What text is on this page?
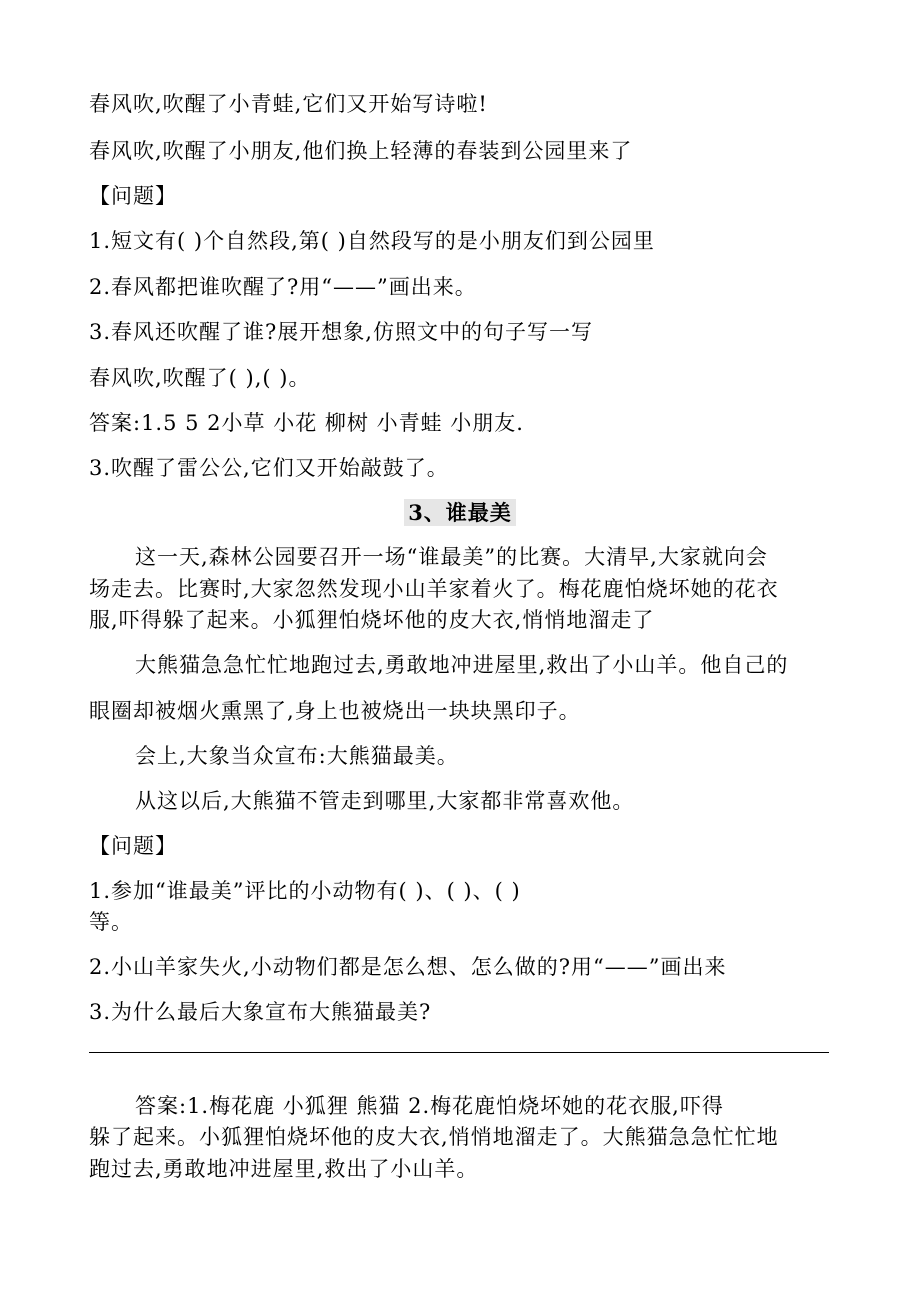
春风吹,吹醒了小青蛙,它们又开始写诗啦!
春风吹,吹醒了小朋友,他们换上轻薄的春装到公园里来了
【问题】
1.短文有( )个自然段,第( )自然段写的是小朋友们到公园里
2.春风都把谁吹醒了?用“——”画出来。
3.春风还吹醒了谁?展开想象,仿照文中的句子写一写
春风吹,吹醒了( ),( )。
答案:1.5 5 2小草 小花 柳树 小青蛙 小朋友.
3.吹醒了雷公公,它们又开始敲鼓了。
3、谁最美
这一天,森林公园要召开一场“谁最美”的比赛。大清早,大家就向会
场走去。比赛时,大家忽然发现小山羊家着火了。梅花鹿怕烧坏她的花衣
服,吓得躲了起来。小狐狸怕烧坏他的皮大衣,悄悄地溜走了
大熊猫急急忙忙地跑过去,勇敢地冲进屋里,救出了小山羊。他自己的
眼圈却被烟火熏黑了,身上也被烧出一块块黑印子。
会上,大象当众宣布:大熊猫最美。
从这以后,大熊猫不管走到哪里,大家都非常喜欢他。
【问题】
1.参加“谁最美”评比的小动物有( )、( )、( )
等。
2.小山羊家失火,小动物们都是怎么想、怎么做的?用“——”画出来
3.为什么最后大象宣布大熊猫最美?
答案:1.梅花鹿 小狐狸 熊猫 2.梅花鹿怕烧坏她的花衣服,吓得
躲了起来。小狐狸怕烧坏他的皮大衣,悄悄地溜走了。大熊猫急急忙忙地
跑过去,勇敢地冲进屋里,救出了小山羊。
